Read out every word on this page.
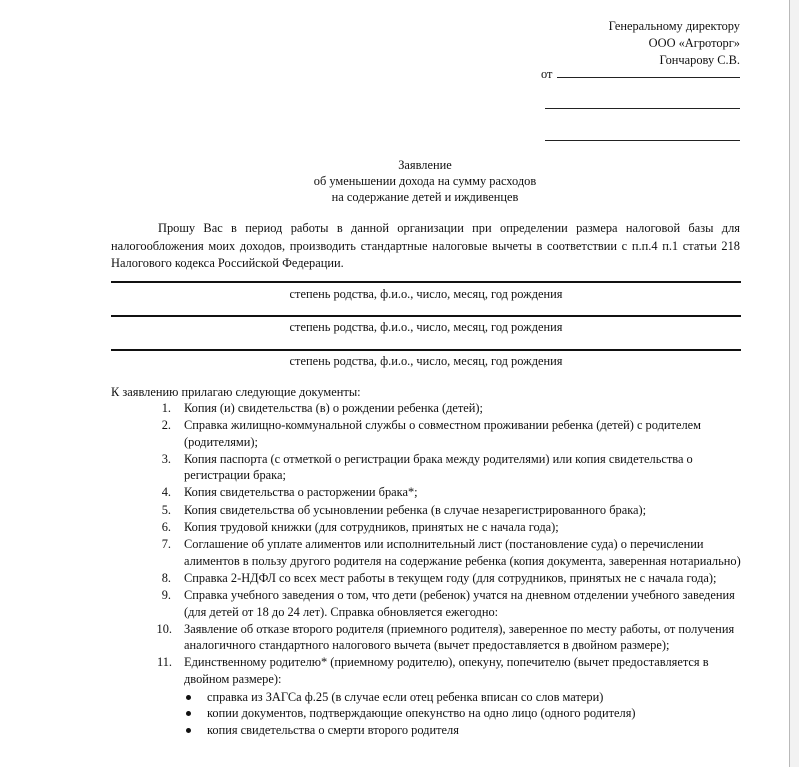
Генеральному директору
ООО «Агроторг»
Гончарову С.В.
от
Заявление
об уменьшении дохода на сумму расходов
на содержание детей и иждивенцев
Прошу Вас в период работы в данной организации при определении размера налоговой базы для налогообложения моих доходов, производить стандартные налоговые вычеты в соответствии с п.п.4 п.1 статьи 218 Налогового кодекса Российской Федерации.
степень родства, ф.и.о., число, месяц, год рождения
степень родства, ф.и.о., число, месяц, год рождения
степень родства, ф.и.о., число, месяц, год рождения
К заявлению прилагаю следующие документы:
1. Копия (и) свидетельства (в) о рождении ребенка (детей);
2. Справка жилищно-коммунальной службы о совместном проживании ребенка (детей) с родителем (родителями);
3. Копия паспорта (с отметкой о регистрации брака между родителями) или копия свидетельства о регистрации брака;
4. Копия свидетельства о расторжении брака*;
5. Копия свидетельства об усыновлении ребенка (в случае незарегистрированного брака);
6. Копия трудовой книжки (для сотрудников, принятых не с начала года);
7. Соглашение об уплате алиментов или исполнительный лист (постановление суда) о перечислении алиментов в пользу другого родителя на содержание ребенка (копия документа, заверенная нотариально)
8. Справка 2-НДФЛ со всех мест работы в текущем году (для сотрудников, принятых не с начала года);
9. Справка учебного заведения о том, что дети (ребенок) учатся на дневном отделении учебного заведения (для детей от 18 до 24 лет). Справка обновляется ежегодно:
10. Заявление об отказе второго родителя (приемного родителя), заверенное по месту работы, от получения аналогичного стандартного налогового вычета (вычет предоставляется в двойном размере);
11. Единственному родителю* (приемному родителю), опекуну, попечителю (вычет предоставляется в двойном размере):
справка из ЗАГСа ф.25 (в случае если отец ребенка вписан со слов матери)
копии документов, подтверждающие опекунство на одно лицо (одного родителя)
копия свидетельства о смерти второго родителя
